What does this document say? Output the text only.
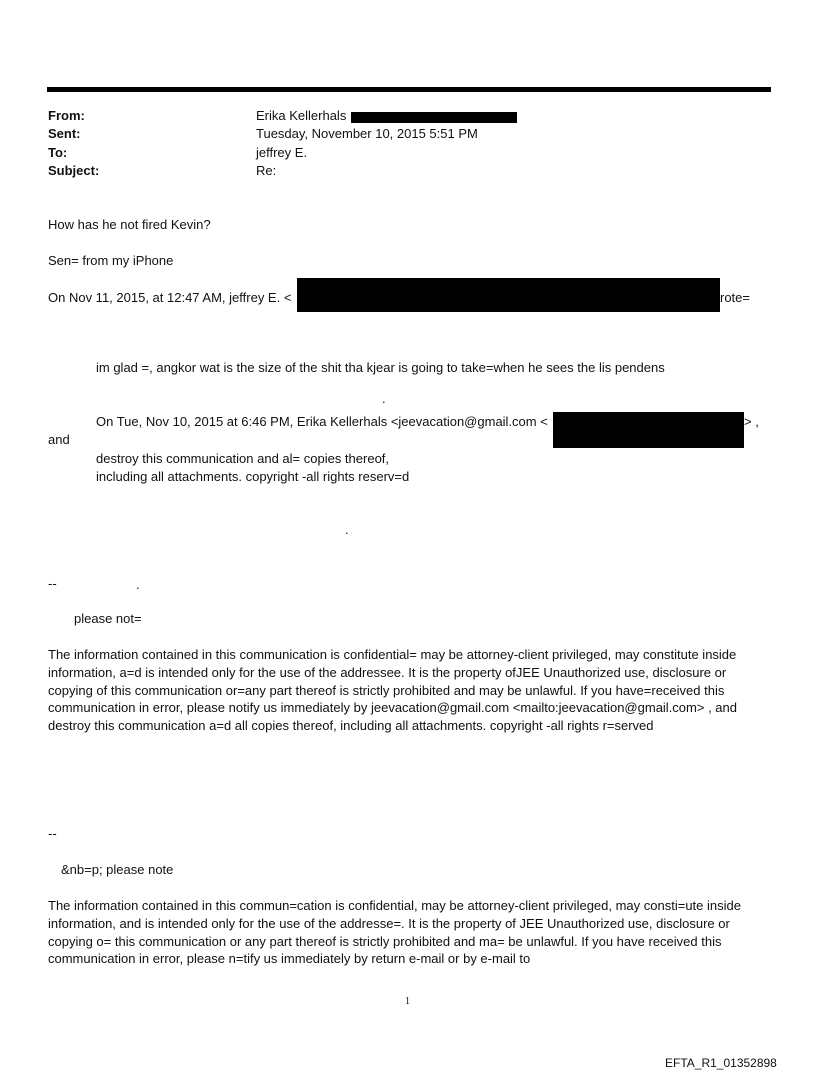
From:	Erika Kellerhals
Sent:	Tuesday, November 10, 2015 5:51 PM
To:	jeffrey E.
Subject:	Re:
How has he not fired Kevin?
Sen= from my iPhone
On Nov 11, 2015, at 12:47 AM, jeffrey E. <	rote=
im glad =, angkor wat is the size of the shit tha kjear is going to take=when he sees the lis pendens
.
On Tue, Nov 10, 2015 at 6:46 PM, Erika Kellerhals <jeevacation@gmail.com <	> ,
and
destroy this communication and al= copies thereof,
including all attachments. copyright -all rights reserv=d
.
--	.
please not=
The information contained in this communication is confidential= may be attorney-client privileged, may constitute inside information, a=d is intended only for the use of the addressee. It is the property ofJEE Unauthorized use, disclosure or copying of this communication or=any part thereof is strictly prohibited and may be unlawful. If you have=received this communication in error, please notify us immediately by jeevacation@gmail.com <mailto:jeevacation@gmail.com> , and destroy this communication a=d all copies thereof, including all attachments. copyright -all rights r=served
--
&nb=p; please note
The information contained in this commun=cation is confidential, may be attorney-client privileged, may consti=ute inside information, and is intended only for the use of the addresse=. It is the property of JEE Unauthorized use, disclosure or copying o= this communication or any part thereof is strictly prohibited and ma= be unlawful. If you have received this communication in error, please n=tify us immediately by return e-mail or by e-mail to
1
EFTA_R1_01352898
